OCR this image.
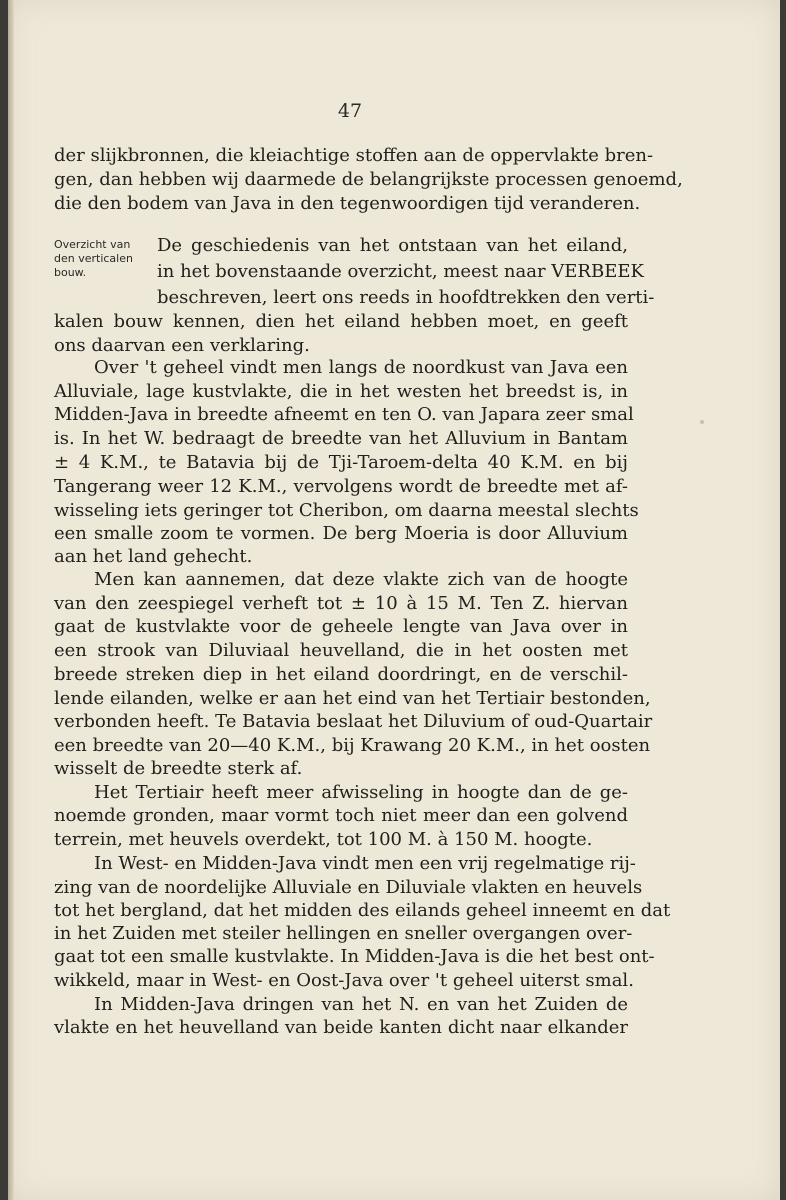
47
Overzicht van
den verticalen
bouw.
der slijkbronnen, die kleiachtige stoffen aan de oppervlakte bren-
gen, dan hebben wij daarmede de belangrijkste processen genoemd,
die den bodem van Java in den tegenwoordigen tijd veranderen.
De geschiedenis van het ontstaan van het eiland,
in het bovenstaande overzicht, meest naar VERBEEK
beschreven, leert ons reeds in hoofdtrekken den verti-
kalen bouw kennen, dien het eiland hebben moet, en geeft
ons daarvan een verklaring.
Over 't geheel vindt men langs de noordkust van Java een
Alluviale, lage kustvlakte, die in het westen het breedst is, in
Midden-Java in breedte afneemt en ten O. van Japara zeer smal
is. In het W. bedraagt de breedte van het Alluvium in Bantam
± 4 K.M., te Batavia bij de Tji-Taroem-delta 40 K.M. en bij
Tangerang weer 12 K.M., vervolgens wordt de breedte met af-
wisseling iets geringer tot Cheribon, om daarna meestal slechts
een smalle zoom te vormen. De berg Moeria is door Alluvium
aan het land gehecht.
Men kan aannemen, dat deze vlakte zich van de hoogte
van den zeespiegel verheft tot ± 10 à 15 M. Ten Z. hiervan
gaat de kustvlakte voor de geheele lengte van Java over in
een strook van Diluviaal heuvelland, die in het oosten met
breede streken diep in het eiland doordringt, en de verschil-
lende eilanden, welke er aan het eind van het Tertiair bestonden,
verbonden heeft. Te Batavia beslaat het Diluvium of oud-Quartair
een breedte van 20—40 K.M., bij Krawang 20 K.M., in het oosten
wisselt de breedte sterk af.
Het Tertiair heeft meer afwisseling in hoogte dan de ge-
noemde gronden, maar vormt toch niet meer dan een golvend
terrein, met heuvels overdekt, tot 100 M. à 150 M. hoogte.
In West- en Midden-Java vindt men een vrij regelmatige rij-
zing van de noordelijke Alluviale en Diluviale vlakten en heuvels
tot het bergland, dat het midden des eilands geheel inneemt en dat
in het Zuiden met steiler hellingen en sneller overgangen over-
gaat tot een smalle kustvlakte. In Midden-Java is die het best ont-
wikkeld, maar in West- en Oost-Java over 't geheel uiterst smal.
In Midden-Java dringen van het N. en van het Zuiden de
vlakte en het heuvelland van beide kanten dicht naar elkander
